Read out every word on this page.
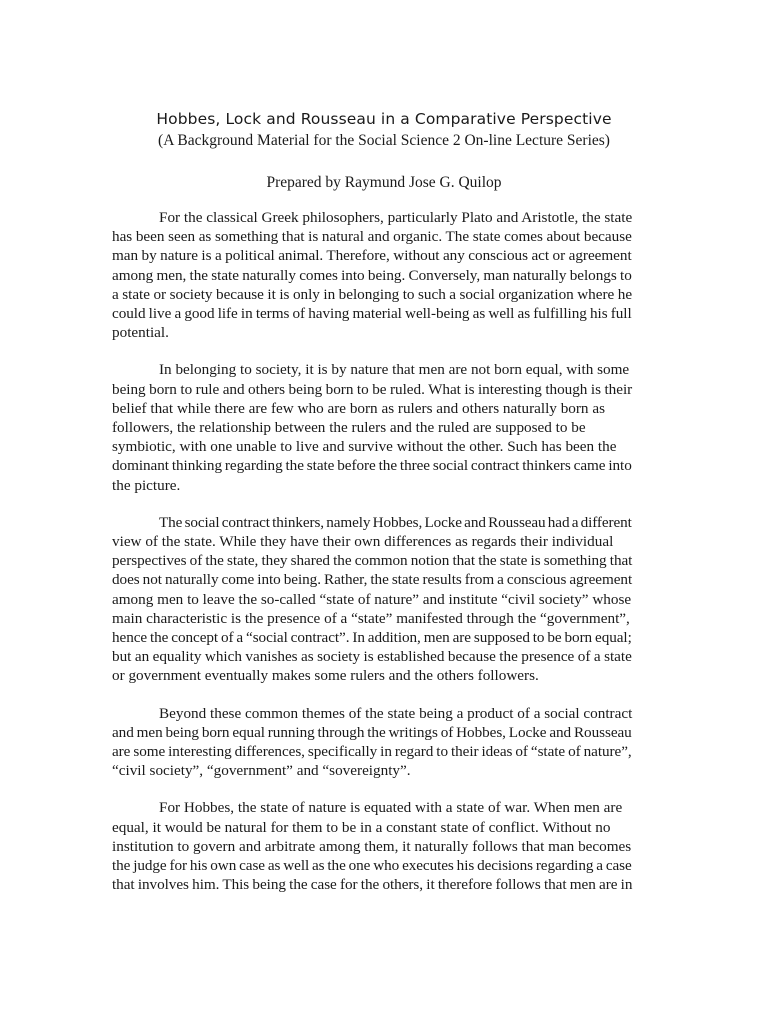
Hobbes, Lock and Rousseau in a Comparative Perspective
(A Background Material for the Social Science 2 On-line Lecture Series)
Prepared by Raymund Jose G. Quilop
For the classical Greek philosophers, particularly Plato and Aristotle, the state
has been seen as something that is natural and organic. The state comes about because
man by nature is a political animal. Therefore, without any conscious act or agreement
among men, the state naturally comes into being. Conversely, man naturally belongs to
a state or society because it is only in belonging to such a social organization where he
could live a good life in terms of having material well-being as well as fulfilling his full
potential.
In belonging to society, it is by nature that men are not born equal, with some
being born to rule and others being born to be ruled. What is interesting though is their
belief that while there are few who are born as rulers and others naturally born as
followers, the relationship between the rulers and the ruled are supposed to be
symbiotic, with one unable to live and survive without the other. Such has been the
dominant thinking regarding the state before the three social contract thinkers came into
the picture.
The social contract thinkers, namely Hobbes, Locke and Rousseau had a different
view of the state. While they have their own differences as regards their individual
perspectives of the state, they shared the common notion that the state is something that
does not naturally come into being. Rather, the state results from a conscious agreement
among men to leave the so-called “state of nature” and institute “civil society” whose
main characteristic is the presence of a “state” manifested through the “government”,
hence the concept of a “social contract”. In addition, men are supposed to be born equal;
but an equality which vanishes as society is established because the presence of a state
or government eventually makes some rulers and the others followers.
Beyond these common themes of the state being a product of a social contract
and men being born equal running through the writings of Hobbes, Locke and Rousseau
are some interesting differences, specifically in regard to their ideas of “state of nature”,
“civil society”, “government” and “sovereignty”.
For Hobbes, the state of nature is equated with a state of war. When men are
equal, it would be natural for them to be in a constant state of conflict. Without no
institution to govern and arbitrate among them, it naturally follows that man becomes
the judge for his own case as well as the one who executes his decisions regarding a case
that involves him. This being the case for the others, it therefore follows that men are in
